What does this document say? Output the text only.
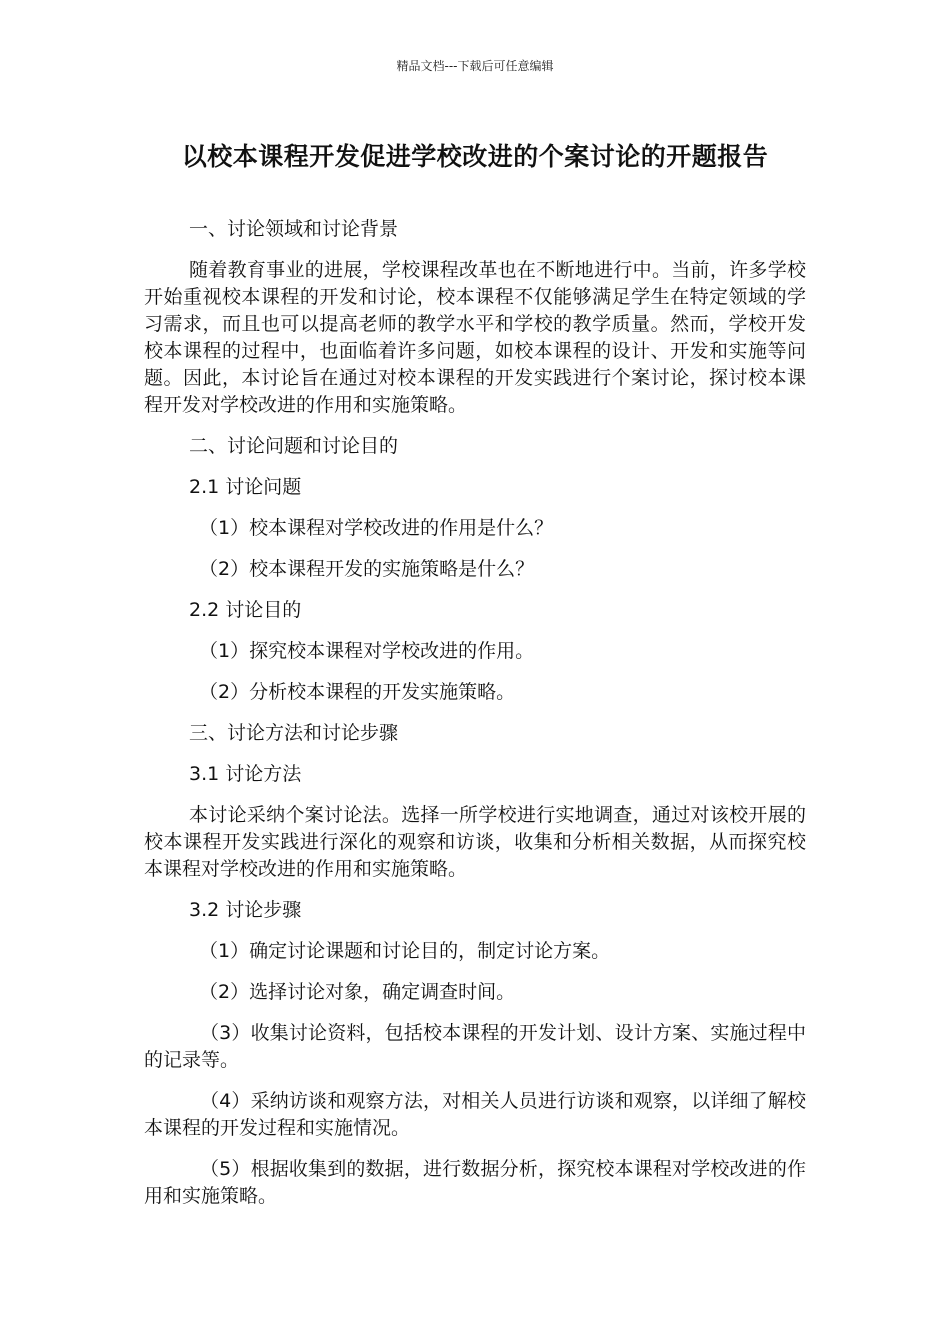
精品文档---下载后可任意编辑
以校本课程开发促进学校改进的个案讨论的开题报告

一、讨论领域和讨论背景

随着教育事业的进展，学校课程改革也在不断地进行中。当前，许多学校开始重视校本课程的开发和讨论，校本课程不仅能够满足学生在特定领域的学习需求，而且也可以提高老师的教学水平和学校的教学质量。然而，学校开发校本课程的过程中，也面临着许多问题，如校本课程的设计、开发和实施等问题。因此，本讨论旨在通过对校本课程的开发实践进行个案讨论，探讨校本课程开发对学校改进的作用和实施策略。

二、讨论问题和讨论目的

2.1 讨论问题

（1）校本课程对学校改进的作用是什么？

（2）校本课程开发的实施策略是什么？

2.2 讨论目的

（1）探究校本课程对学校改进的作用。

（2）分析校本课程的开发实施策略。

三、讨论方法和讨论步骤

3.1 讨论方法

本讨论采纳个案讨论法。选择一所学校进行实地调查，通过对该校开展的校本课程开发实践进行深化的观察和访谈，收集和分析相关数据，从而探究校本课程对学校改进的作用和实施策略。

3.2 讨论步骤

（1）确定讨论课题和讨论目的，制定讨论方案。

（2）选择讨论对象，确定调查时间。

（3）收集讨论资料，包括校本课程的开发计划、设计方案、实施过程中的记录等。

（4）采纳访谈和观察方法，对相关人员进行访谈和观察，以详细了解校本课程的开发过程和实施情况。

（5）根据收集到的数据，进行数据分析，探究校本课程对学校改进的作用和实施策略。
